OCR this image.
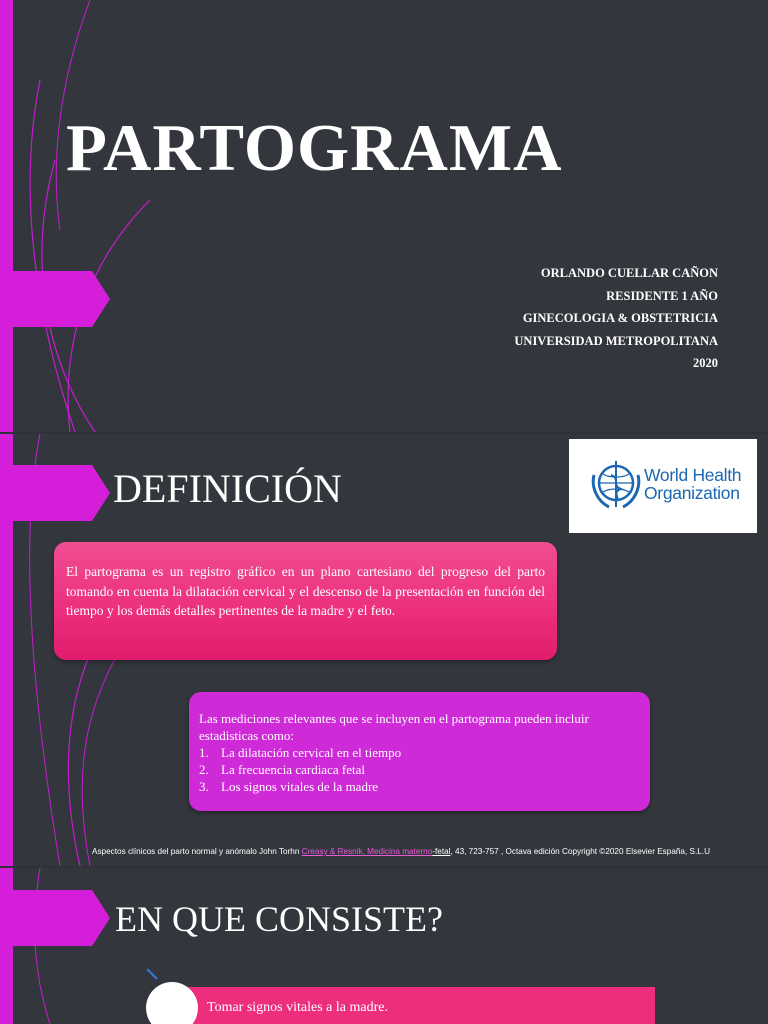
PARTOGRAMA
ORLANDO CUELLAR CAÑON
RESIDENTE 1 AÑO
GINECOLOGIA & OBSTETRICIA
UNIVERSIDAD METROPOLITANA
2020
DEFINICIÓN	World Health
Organization

El partograma es un registro gráfico en un plano cartesiano del progreso del parto tomando en cuenta la dilatación cervical y el descenso de la presentación en función del tiempo y los demás detalles pertinentes de la madre y el feto.

Las mediciones relevantes que se incluyen en el partograma pueden incluir estadisticas como:
1. La dilatación cervical en el tiempo
2. La frecuencia cardiaca fetal
3. Los signos vitales de la madre
Aspectos clínicos del parto normal y anómalo John Torhn Creasy & Resnik. Medicina materno-fetal, 43, 723-757 , Octava edición Copyright ©2020 Elsevier España, S.L.U
EN QUE CONSISTE?
Tomar signos vitales a la madre.
